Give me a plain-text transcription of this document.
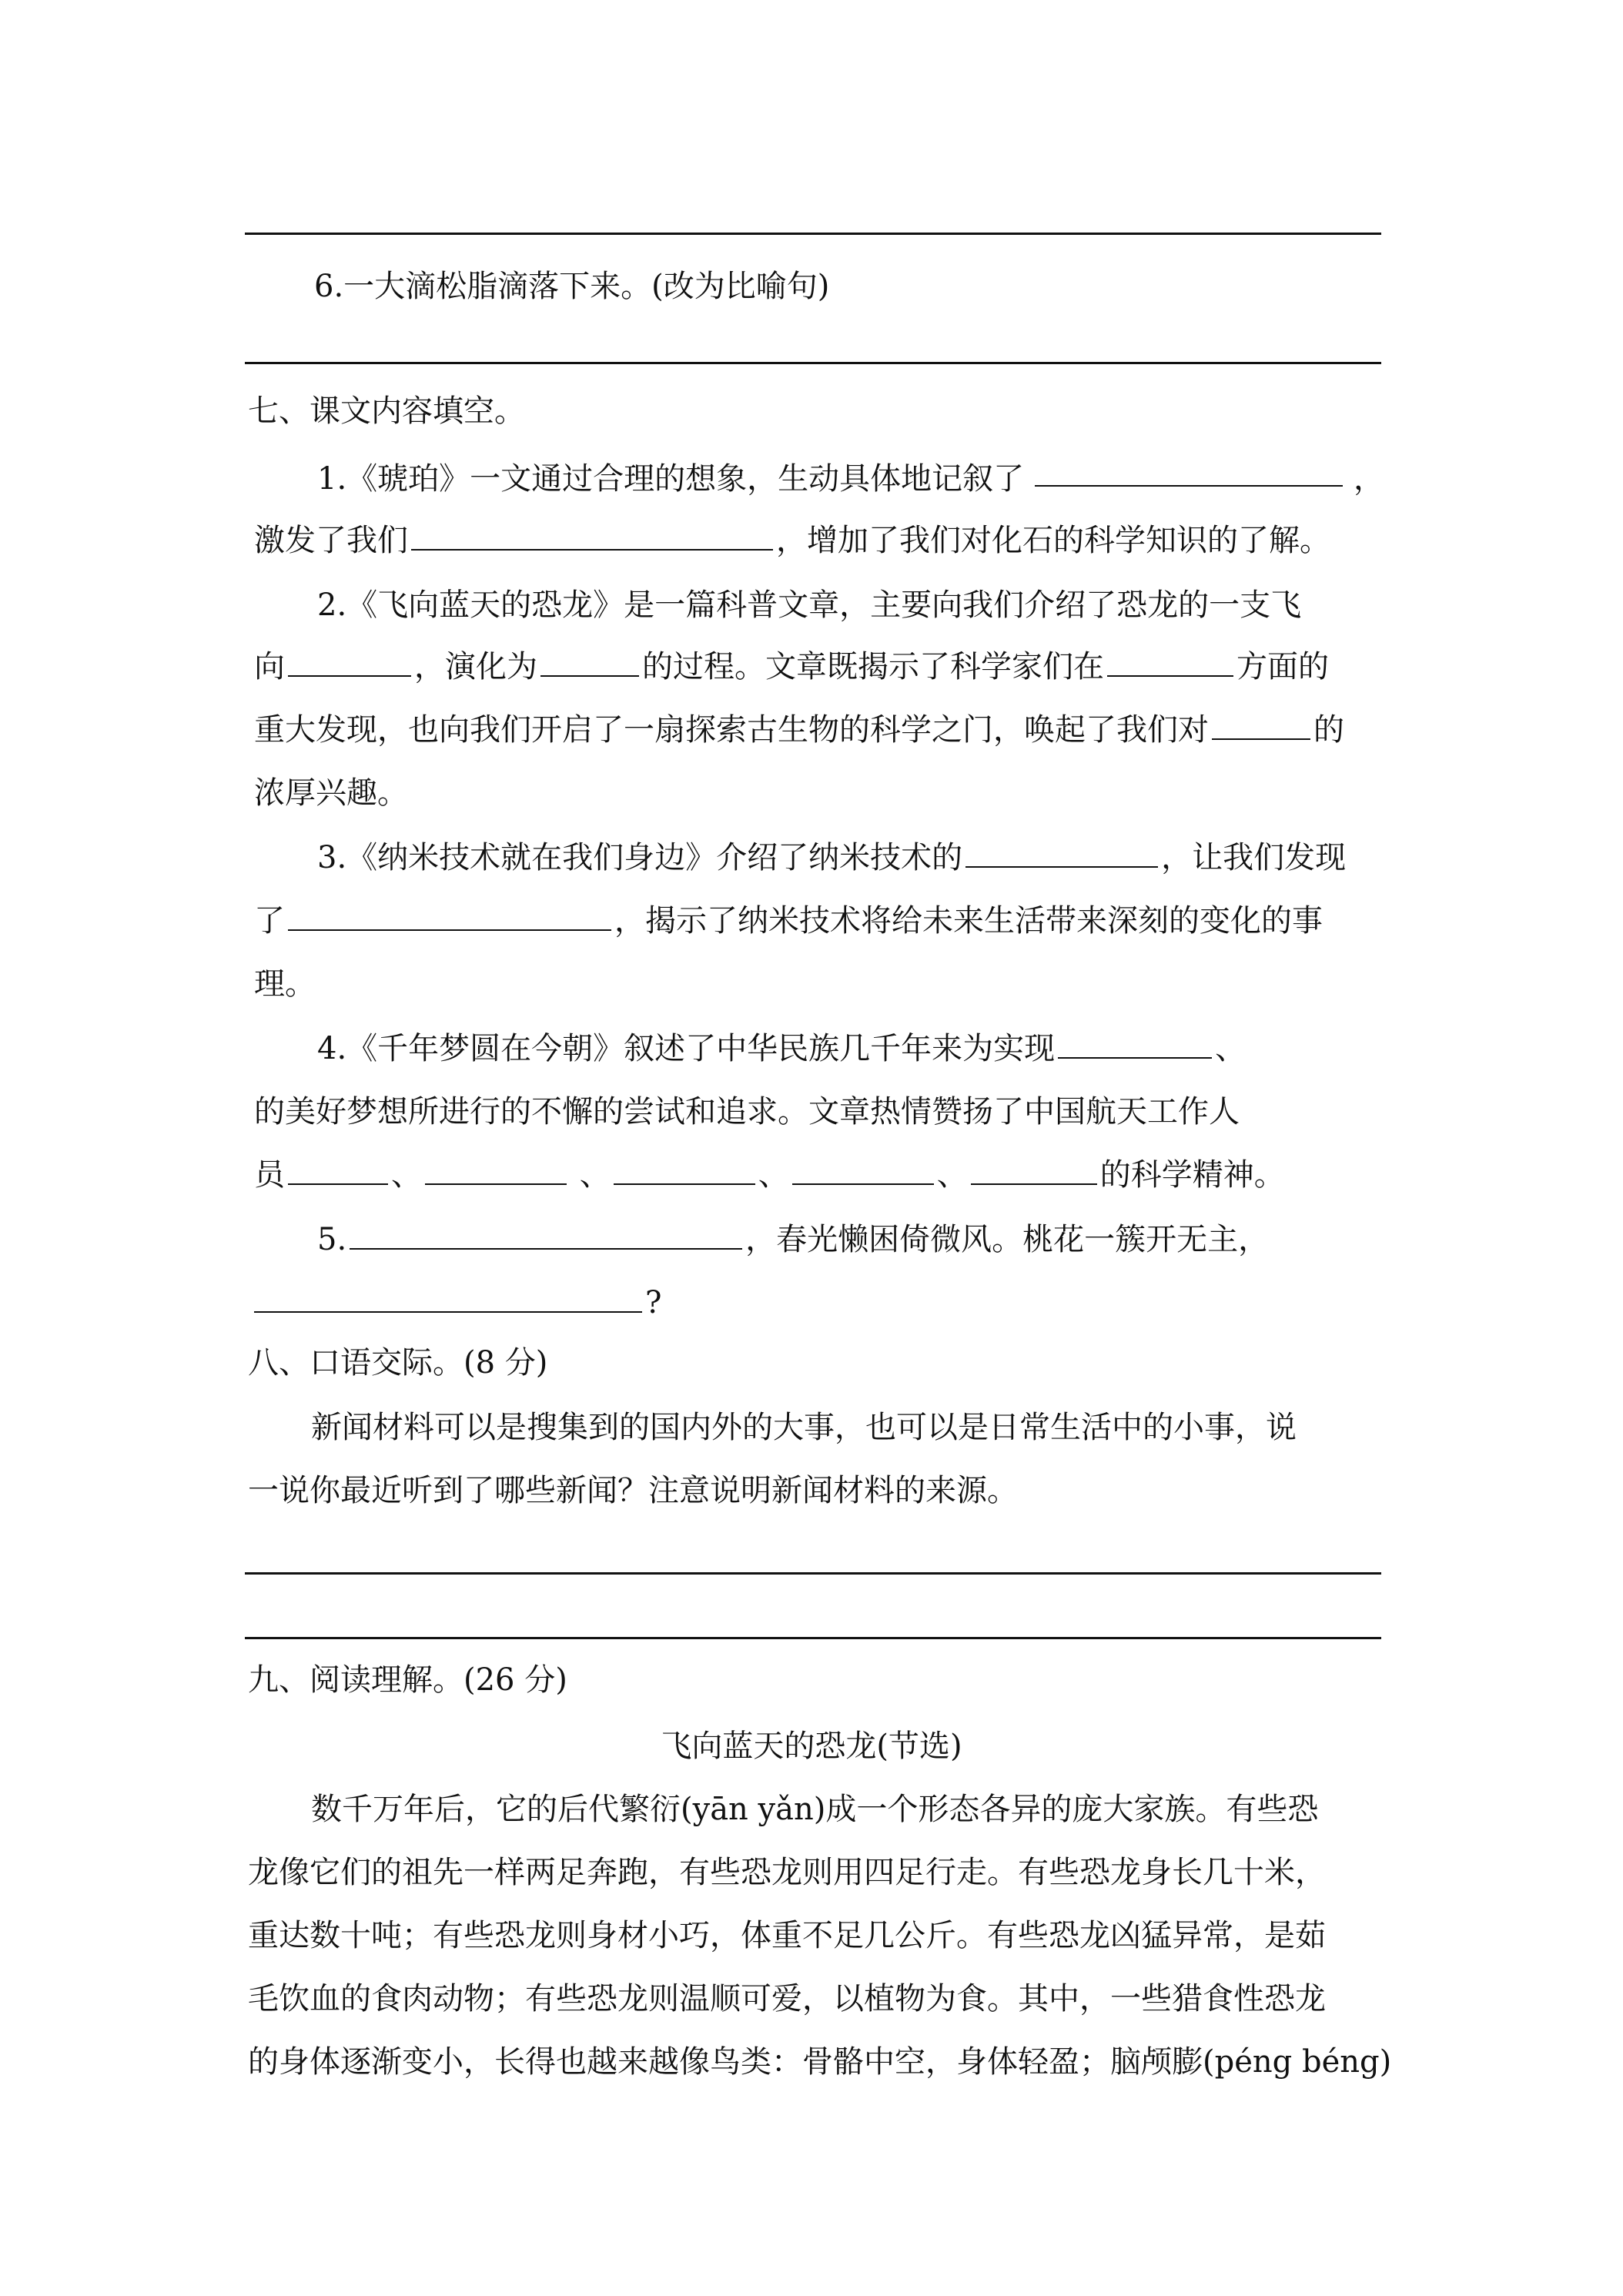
6.一大滴松脂滴落下来。(改为比喻句)
七、课文内容填空。
1.《琥珀》一文通过合理的想象，生动具体地记叙了	，
激发了我们	，增加了我们对化石的科学知识的了解。
2.《飞向蓝天的恐龙》是一篇科普文章，主要向我们介绍了恐龙的一支飞
向	，演化为	的过程。文章既揭示了科学家们在	方面的
重大发现，也向我们开启了一扇探索古生物的科学之门，唤起了我们对	的
浓厚兴趣。
3.《纳米技术就在我们身边》介绍了纳米技术的	，让我们发现
了	，揭示了纳米技术将给未来生活带来深刻的变化的事
理。
4.《千年梦圆在今朝》叙述了中华民族几千年来为实现	、
的美好梦想所进行的不懈的尝试和追求。文章热情赞扬了中国航天工作人
员	、	、	、	、	的科学精神。
5.	，春光懒困倚微风。桃花一簇开无主，
?
八、口语交际。(8 分)
新闻材料可以是搜集到的国内外的大事，也可以是日常生活中的小事，说
一说你最近听到了哪些新闻？注意说明新闻材料的来源。
九、阅读理解。(26 分)
飞向蓝天的恐龙(节选)
数千万年后，它的后代繁衍(yān yǎn)成一个形态各异的庞大家族。有些恐
龙像它们的祖先一样两足奔跑，有些恐龙则用四足行走。有些恐龙身长几十米，
重达数十吨；有些恐龙则身材小巧，体重不足几公斤。有些恐龙凶猛异常，是茹
毛饮血的食肉动物；有些恐龙则温顺可爱，以植物为食。其中，一些猎食性恐龙
的身体逐渐变小，长得也越来越像鸟类：骨骼中空，身体轻盈；脑颅膨(péng béng)
